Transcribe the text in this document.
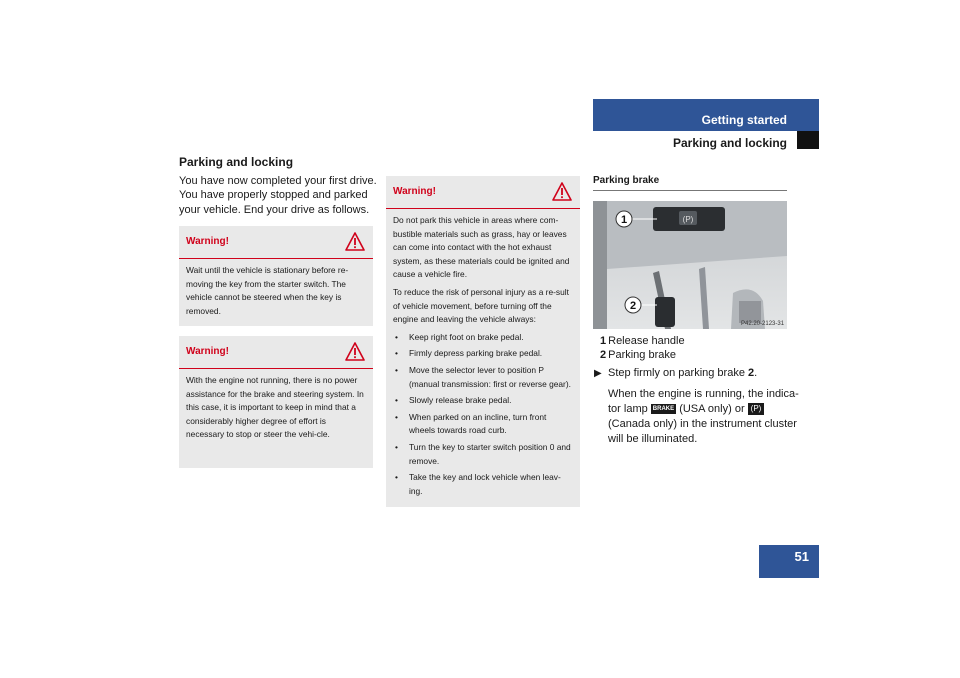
Getting started
Parking and locking
Parking and locking
You have now completed your first drive. You have properly stopped and parked your vehicle. End your drive as follows.
Warning!

Wait until the vehicle is stationary before re-moving the key from the starter switch. The vehicle cannot be steered when the key is removed.

Warning!

With the engine not running, there is no power assistance for the brake and steering system. In this case, it is important to keep in mind that a considerably higher degree of effort is necessary to stop or steer the vehi-cle.

Warning!

Do not park this vehicle in areas where com-bustible materials such as grass, hay or leaves can come into contact with the hot exhaust system, as these materials could be ignited and cause a vehicle fire.

To reduce the risk of personal injury as a re-sult of vehicle movement, before turning off the engine and leaving the vehicle always:

• Keep right foot on brake pedal.
• Firmly depress parking brake pedal.
• Move the selector lever to position P (manual transmission: first or reverse gear).
• Slowly release brake pedal.
• When parked on an incline, turn front wheels towards road curb.
• Turn the key to starter switch position 0 and remove.
• Take the key and lock vehicle when leav-ing.
Parking brake
(P)
1
2
P42.20-2123-31
1 Release handle
2 Parking brake
▶ Step firmly on parking brake 2.
When the engine is running, the indica-tor lamp BRAKE (USA only) or (P) (Canada only) in the instrument cluster will be illuminated.
51
